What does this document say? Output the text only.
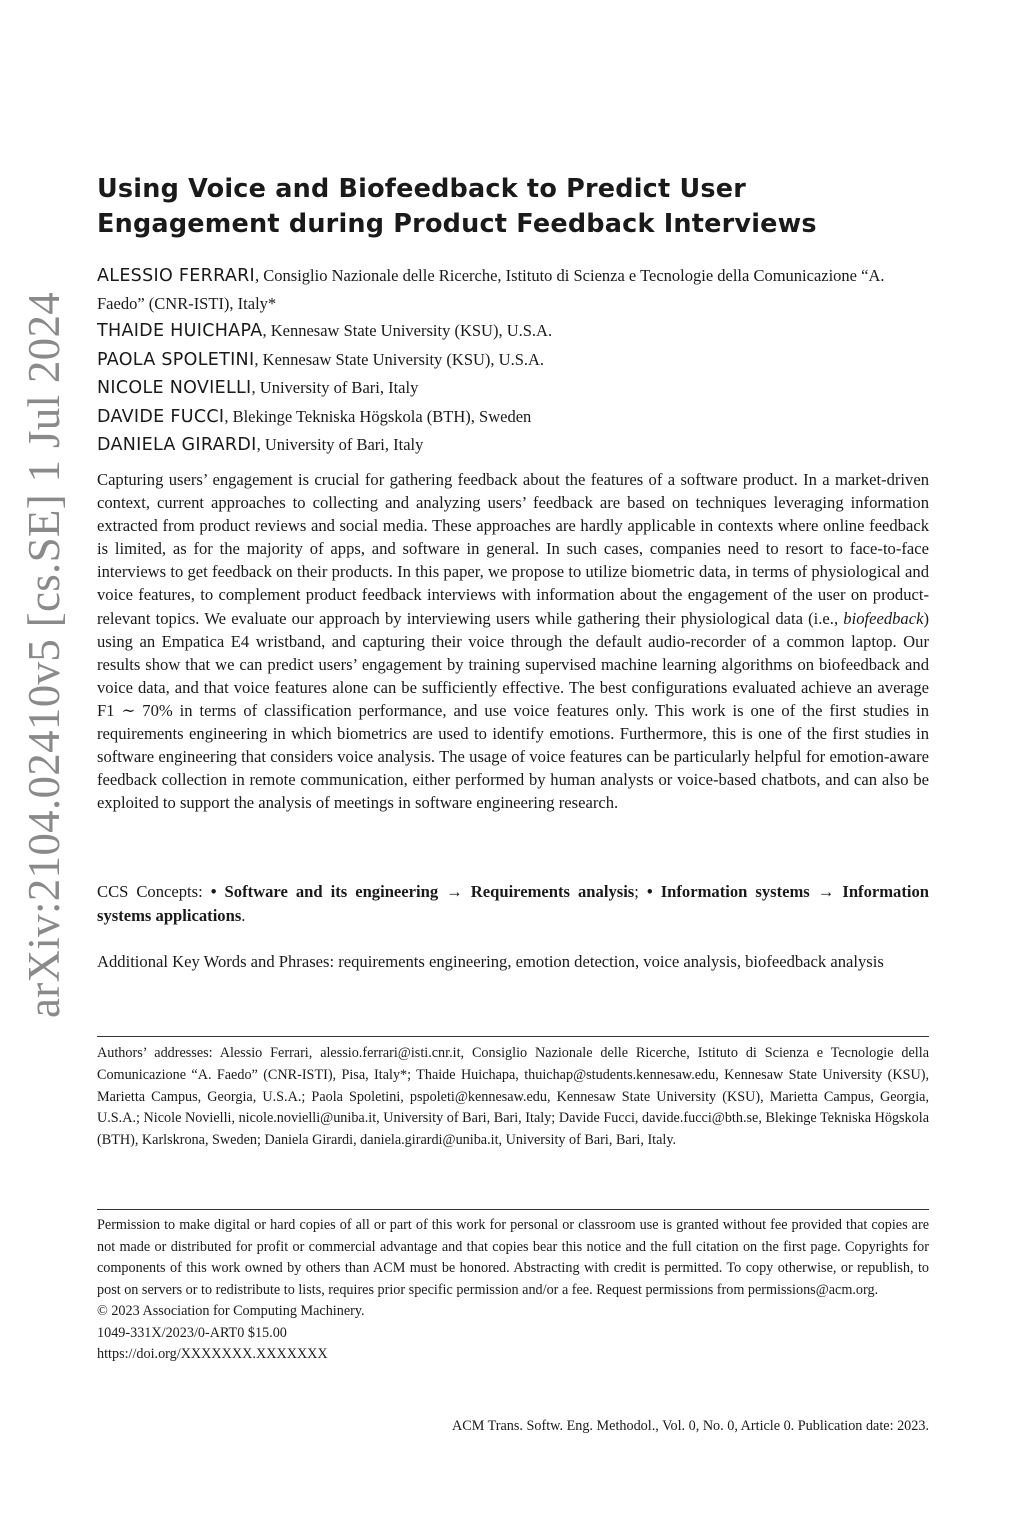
arXiv:2104.02410v5 [cs.SE] 1 Jul 2024
Using Voice and Biofeedback to Predict User Engagement during Product Feedback Interviews
ALESSIO FERRARI, Consiglio Nazionale delle Ricerche, Istituto di Scienza e Tecnologie della Comunicazione “A. Faedo” (CNR-ISTI), Italy*
THAIDE HUICHAPA, Kennesaw State University (KSU), U.S.A.
PAOLA SPOLETINI, Kennesaw State University (KSU), U.S.A.
NICOLE NOVIELLI, University of Bari, Italy
DAVIDE FUCCI, Blekinge Tekniska Högskola (BTH), Sweden
DANIELA GIRARDI, University of Bari, Italy

Capturing users’ engagement is crucial for gathering feedback about the features of a software product. In a market-driven context, current approaches to collecting and analyzing users’ feedback are based on techniques leveraging information extracted from product reviews and social media. These approaches are hardly applicable in contexts where online feedback is limited, as for the majority of apps, and software in general. In such cases, companies need to resort to face-to-face interviews to get feedback on their products. In this paper, we propose to utilize biometric data, in terms of physiological and voice features, to complement product feedback interviews with information about the engagement of the user on product-relevant topics. We evaluate our approach by interviewing users while gathering their physiological data (i.e., biofeedback) using an Empatica E4 wristband, and capturing their voice through the default audio-recorder of a common laptop. Our results show that we can predict users’ engagement by training supervised machine learning algorithms on biofeedback and voice data, and that voice features alone can be sufficiently effective. The best configurations evaluated achieve an average F1 ∼ 70% in terms of classification performance, and use voice features only. This work is one of the first studies in requirements engineering in which biometrics are used to identify emotions. Furthermore, this is one of the first studies in software engineering that considers voice analysis. The usage of voice features can be particularly helpful for emotion-aware feedback collection in remote communication, either performed by human analysts or voice-based chatbots, and can also be exploited to support the analysis of meetings in software engineering research.

CCS Concepts: • Software and its engineering → Requirements analysis; • Information systems → Information systems applications.

Additional Key Words and Phrases: requirements engineering, emotion detection, voice analysis, biofeedback analysis

Authors’ addresses: Alessio Ferrari, alessio.ferrari@isti.cnr.it, Consiglio Nazionale delle Ricerche, Istituto di Scienza e Tecnologie della Comunicazione “A. Faedo” (CNR-ISTI), Pisa, Italy*; Thaide Huichapa, thuichap@students.kennesaw.edu, Kennesaw State University (KSU), Marietta Campus, Georgia, U.S.A.; Paola Spoletini, pspoleti@kennesaw.edu, Kennesaw State University (KSU), Marietta Campus, Georgia, U.S.A.; Nicole Novielli, nicole.novielli@uniba.it, University of Bari, Bari, Italy; Davide Fucci, davide.fucci@bth.se, Blekinge Tekniska Högskola (BTH), Karlskrona, Sweden; Daniela Girardi, daniela.girardi@uniba.it, University of Bari, Bari, Italy.

Permission to make digital or hard copies of all or part of this work for personal or classroom use is granted without fee provided that copies are not made or distributed for profit or commercial advantage and that copies bear this notice and the full citation on the first page. Copyrights for components of this work owned by others than ACM must be honored. Abstracting with credit is permitted. To copy otherwise, or republish, to post on servers or to redistribute to lists, requires prior specific permission and/or a fee. Request permissions from permissions@acm.org.

© 2023 Association for Computing Machinery.
1049-331X/2023/0-ART0 $15.00
https://doi.org/XXXXXXX.XXXXXXX
ACM Trans. Softw. Eng. Methodol., Vol. 0, No. 0, Article 0. Publication date: 2023.
